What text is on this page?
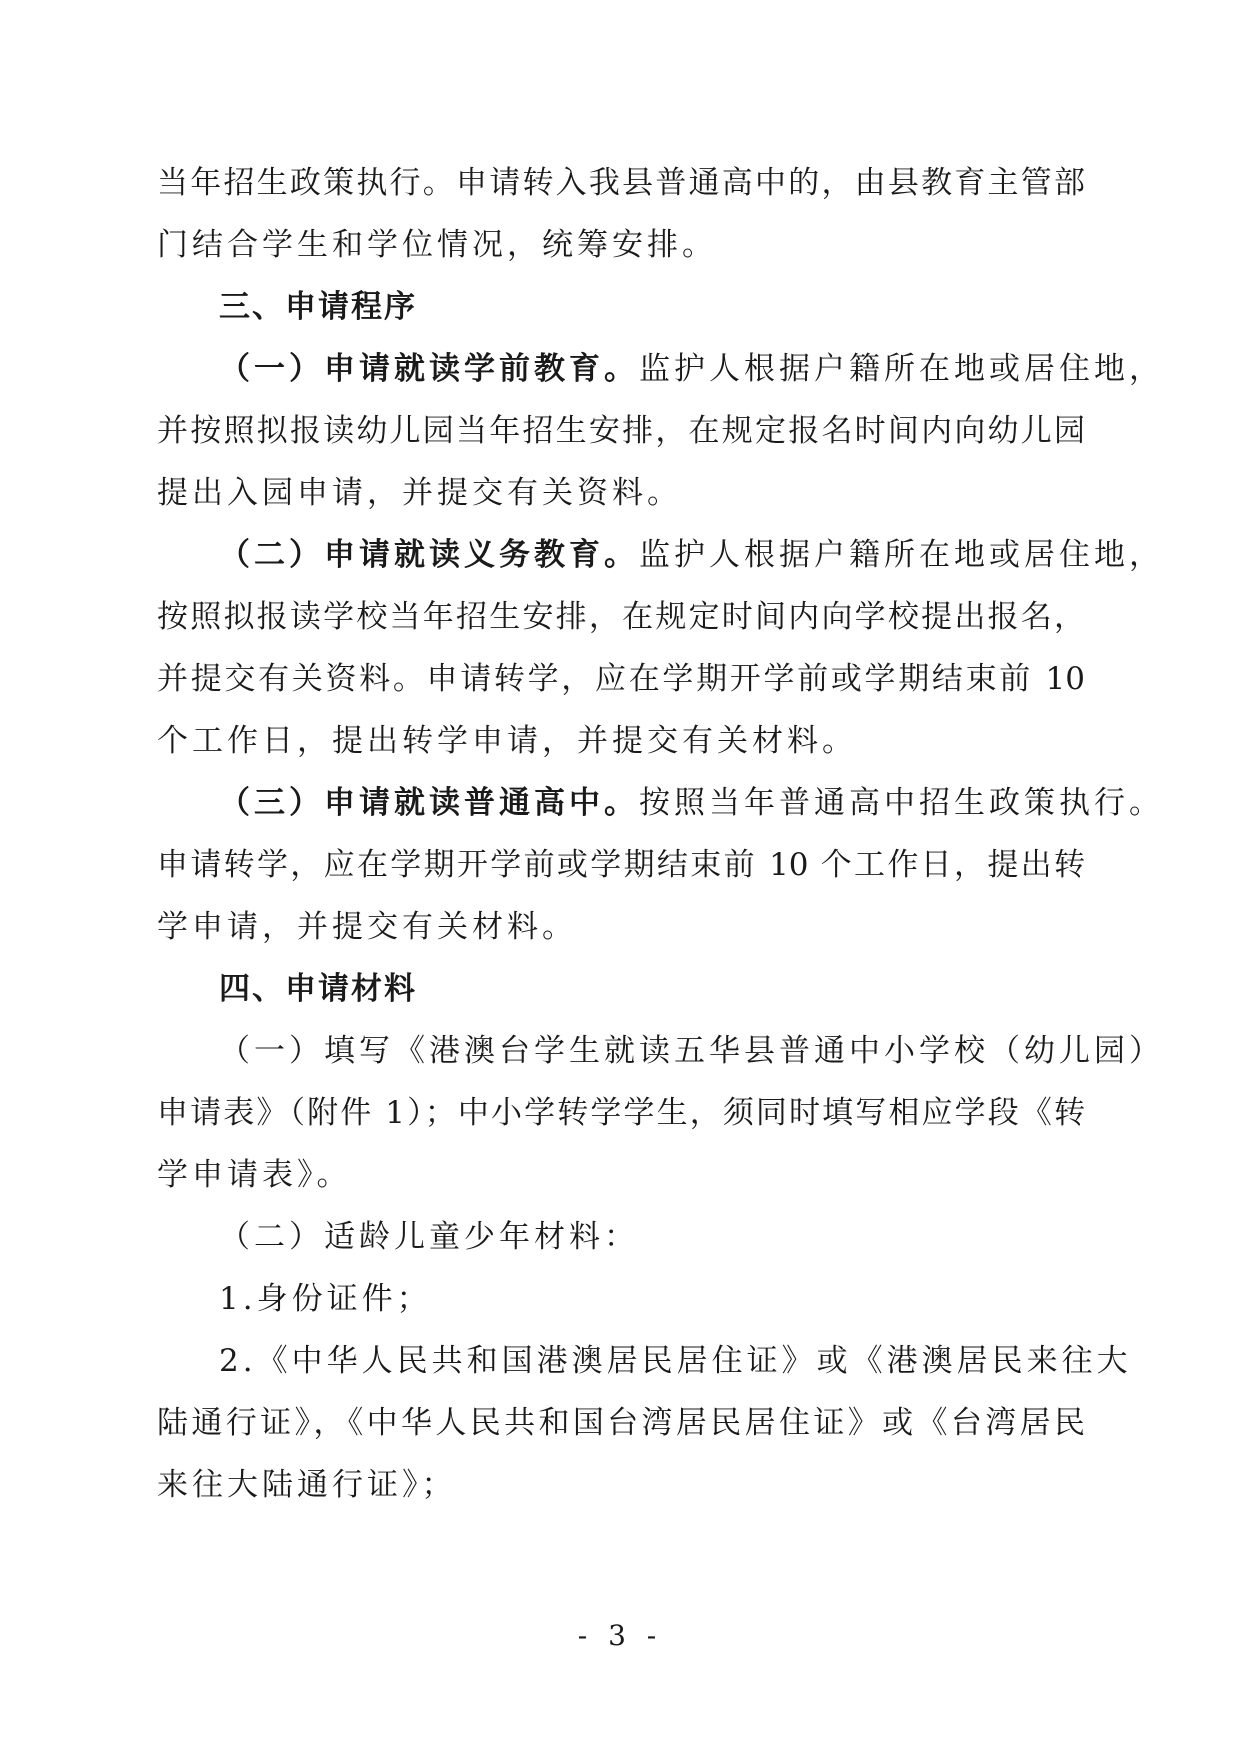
当年招生政策执行。申请转入我县普通高中的，由县教育主管部
门结合学生和学位情况，统筹安排。
三、申请程序
（一）申请就读学前教育。监护人根据户籍所在地或居住地，
并按照拟报读幼儿园当年招生安排，在规定报名时间内向幼儿园
提出入园申请，并提交有关资料。
（二）申请就读义务教育。监护人根据户籍所在地或居住地，
按照拟报读学校当年招生安排，在规定时间内向学校提出报名，
并提交有关资料。申请转学，应在学期开学前或学期结束前 10
个工作日，提出转学申请，并提交有关材料。
（三）申请就读普通高中。按照当年普通高中招生政策执行。
申请转学，应在学期开学前或学期结束前 10 个工作日，提出转
学申请，并提交有关材料。
四、申请材料
（一）填写《港澳台学生就读五华县普通中小学校（幼儿园）
申请表》（附件 1）；中小学转学学生，须同时填写相应学段《转
学申请表》。
（二）适龄儿童少年材料：
1.身份证件；
2.《中华人民共和国港澳居民居住证》或《港澳居民来往大
陆通行证》，《中华人民共和国台湾居民居住证》或《台湾居民
来往大陆通行证》；
- 3 -
